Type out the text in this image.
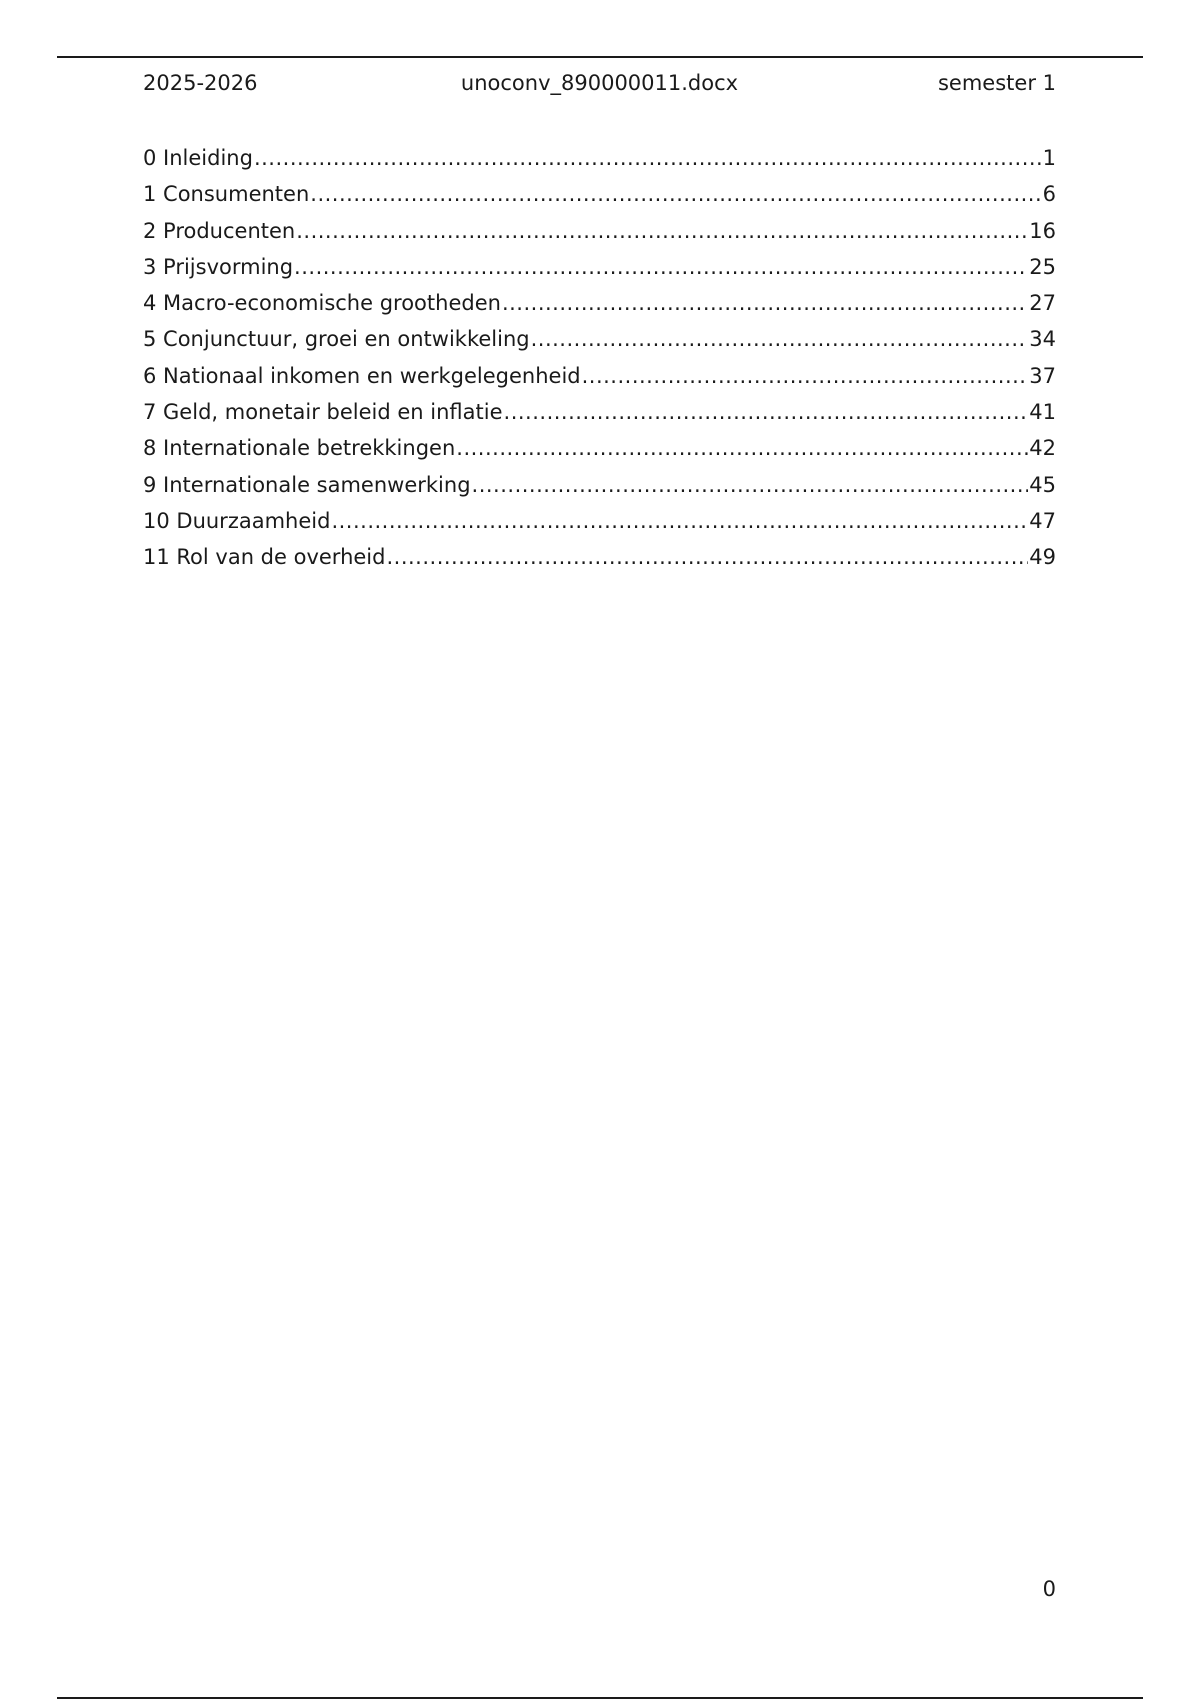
2025-2026	unoconv_890000011.docx	semester 1
0 Inleiding .....	1
1 Consumenten .....	6
2 Producenten .....	16
3 Prijsvorming .....	25
4 Macro-economische grootheden .....	27
5 Conjunctuur, groei en ontwikkeling .....	34
6 Nationaal inkomen en werkgelegenheid .....	37
7 Geld, monetair beleid en inflatie .....	41
8 Internationale betrekkingen .....	42
9 Internationale samenwerking .....	45
10 Duurzaamheid .....	47
11 Rol van de overheid .....	49
0
